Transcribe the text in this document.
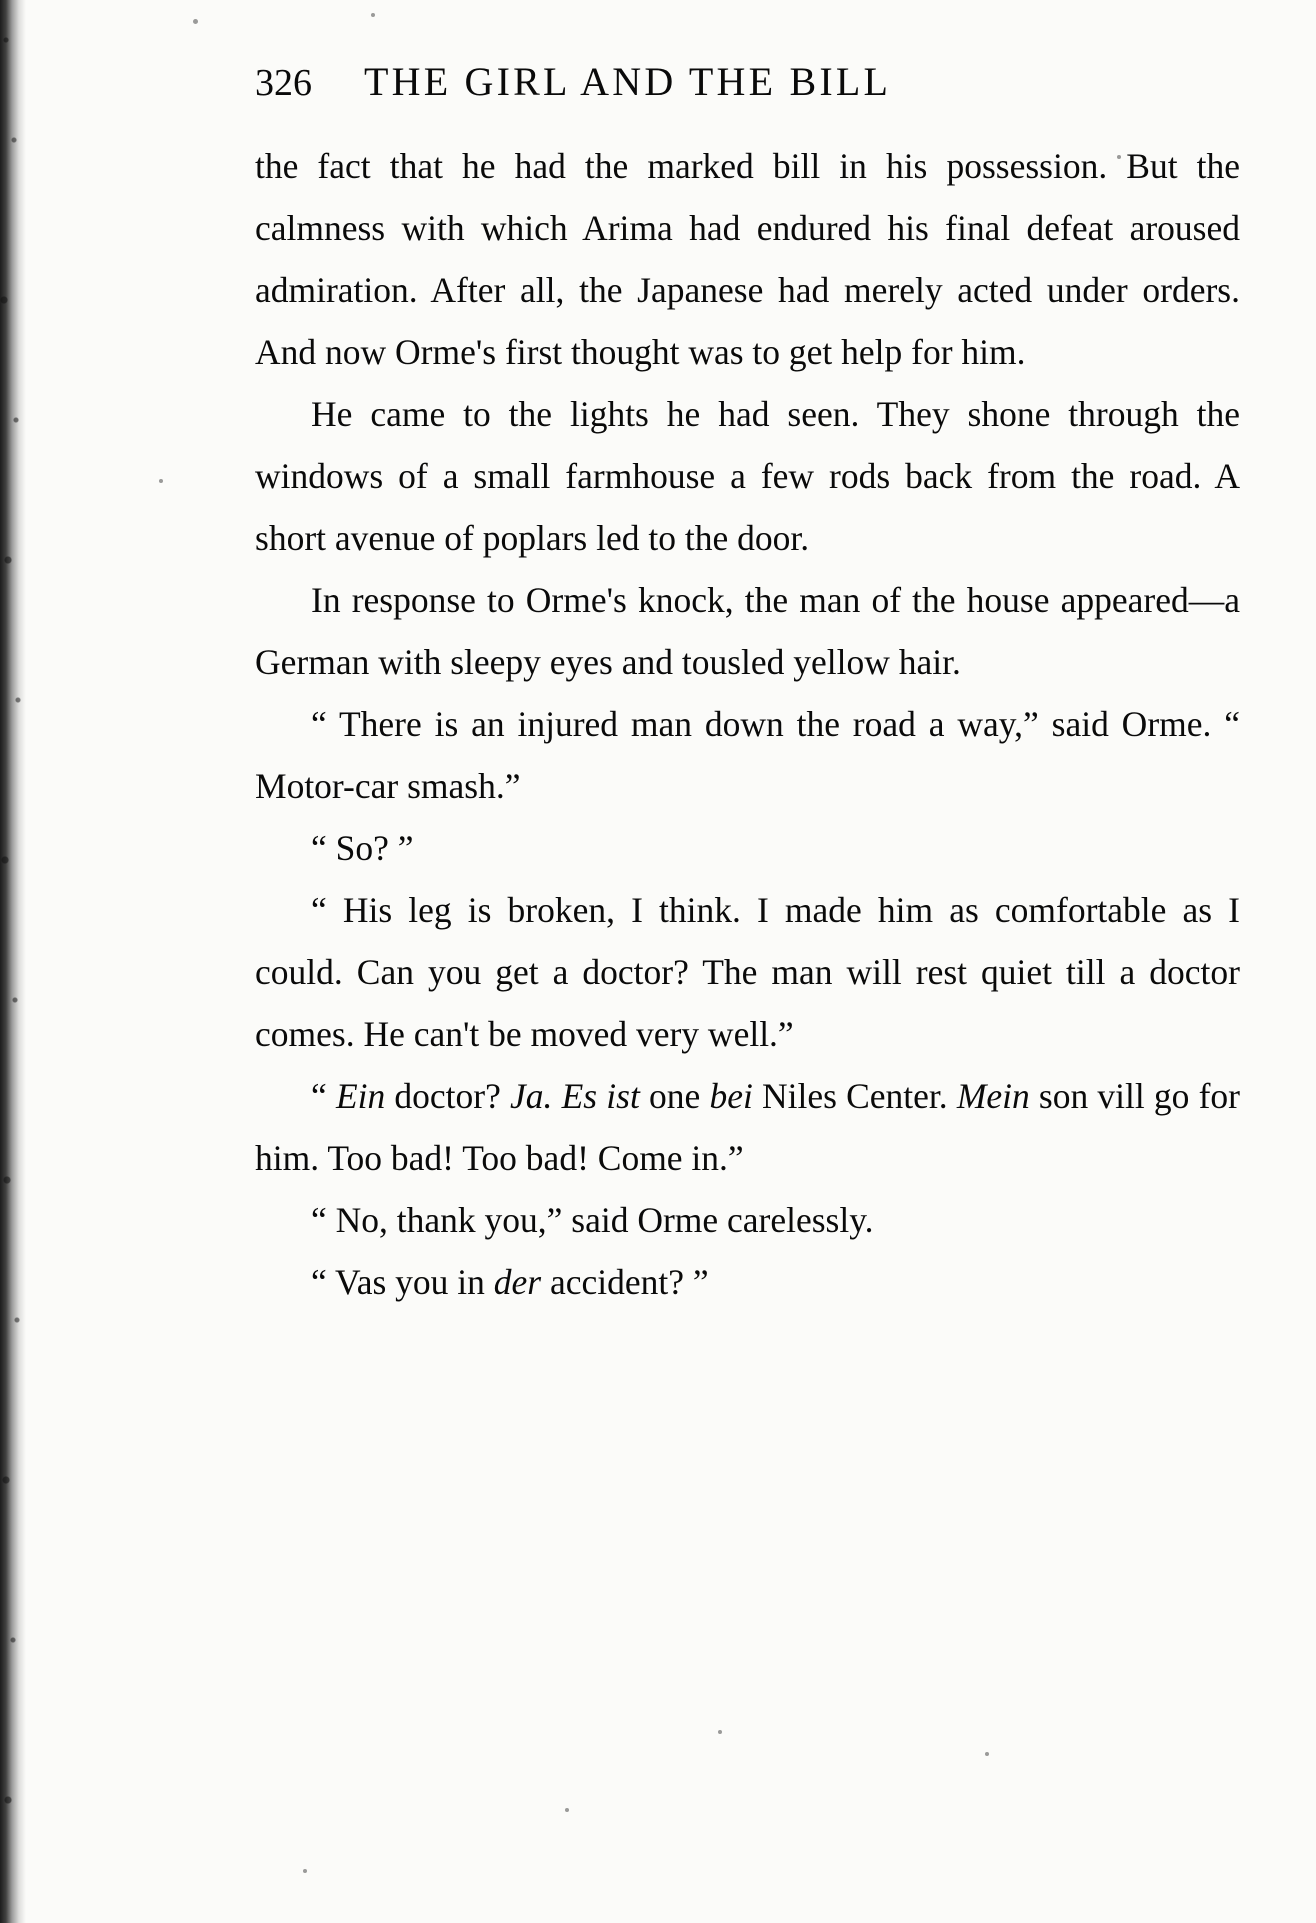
326 THE GIRL AND THE BILL

the fact that he had the marked bill in his possession. But the calmness with which Arima had endured his final defeat aroused admiration. After all, the Japanese had merely acted under orders. And now Orme's first thought was to get help for him.

He came to the lights he had seen. They shone through the windows of a small farmhouse a few rods back from the road. A short avenue of poplars led to the door.

In response to Orme's knock, the man of the house appeared—a German with sleepy eyes and tousled yellow hair.

“ There is an injured man down the road a way,” said Orme. “ Motor-car smash.”

“ So? ”

“ His leg is broken, I think. I made him as comfortable as I could. Can you get a doctor? The man will rest quiet till a doctor comes. He can't be moved very well.”

“ Ein doctor? Ja. Es ist one bei Niles Center. Mein son vill go for him. Too bad! Too bad! Come in.”

“ No, thank you,” said Orme carelessly.

“ Vas you in der accident? ”
